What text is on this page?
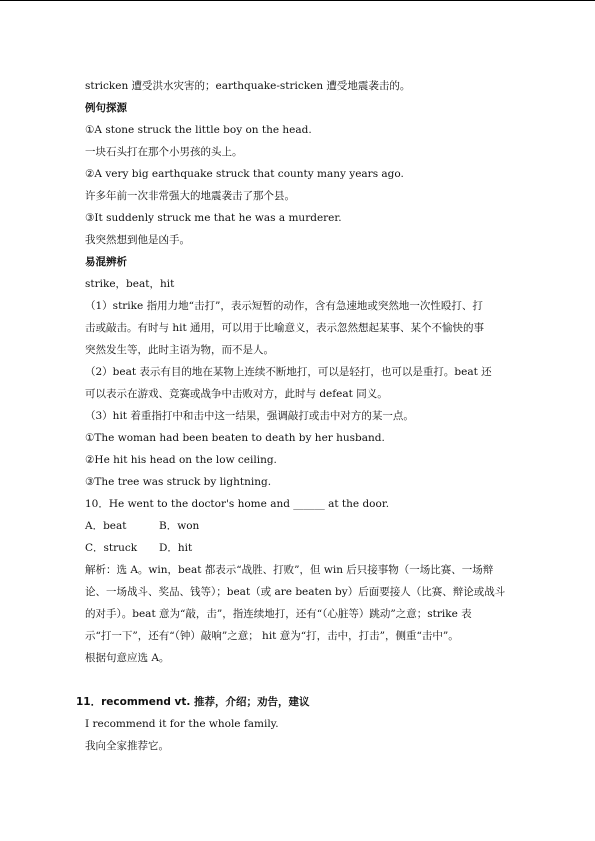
stricken 遭受洪水灾害的；earthquake-stricken 遭受地震袭击的。
例句探源
①A stone struck the little boy on the head.
一块石头打在那个小男孩的头上。
②A very big earthquake struck that county many years ago.
许多年前一次非常强大的地震袭击了那个县。
③It suddenly struck me that he was a murderer.
我突然想到他是凶手。
易混辨析
strike，beat，hit
（1）strike 指用力地“击打”，表示短暂的动作，含有急速地或突然地一次性殴打、打
击或敲击。有时与 hit 通用，可以用于比喻意义，表示忽然想起某事、某个不愉快的事
突然发生等，此时主语为物，而不是人。
（2）beat 表示有目的地在某物上连续不断地打，可以是轻打，也可以是重打。beat 还
可以表示在游戏、竞赛或战争中击败对方，此时与 defeat 同义。
（3）hit 着重指打中和击中这一结果，强调敲打或击中对方的某一点。
①The woman had been beaten to death by her husband.
②He hit his head on the low ceiling.
③The tree was struck by lightning.
10．He went to the doctor's home and ______ at the door.
A．beat	B．won
C．struck D．hit
解析：选 A。win，beat 都表示“战胜、打败”，但 win 后只接事物（一场比赛、一场辩
论、一场战斗、奖品、钱等）；beat（或 are beaten by）后面要接人（比赛、辩论或战斗
的对手）。beat 意为“敲，击”，指连续地打，还有“（心脏等）跳动”之意；strike 表
示“打一下”，还有“（钟）敲响”之意； hit 意为“打，击中，打击”，侧重“击中”。
根据句意应选 A。
11．recommend vt. 推荐，介绍；劝告，建议
I recommend it for the whole family.
我向全家推荐它。
